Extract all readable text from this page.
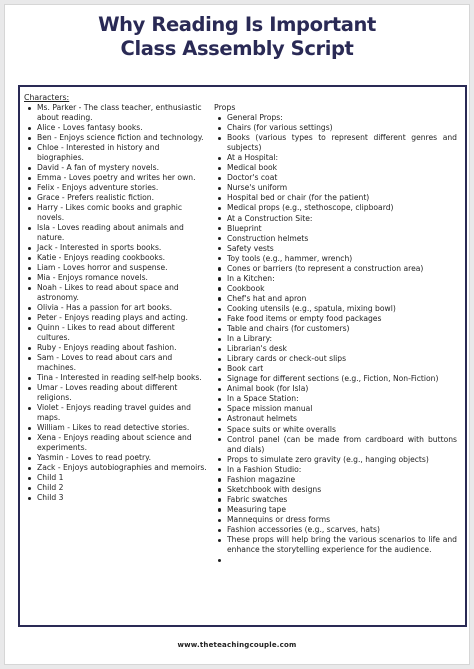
Why Reading Is Important
Class Assembly Script
Characters:
Ms. Parker - The class teacher, enthusiastic about reading.
Alice - Loves fantasy books.
Ben - Enjoys science fiction and technology.
Chloe - Interested in history and biographies.
David - A fan of mystery novels.
Emma - Loves poetry and writes her own.
Felix - Enjoys adventure stories.
Grace - Prefers realistic fiction.
Harry - Likes comic books and graphic novels.
Isla - Loves reading about animals and nature.
Jack - Interested in sports books.
Katie - Enjoys reading cookbooks.
Liam - Loves horror and suspense.
Mia - Enjoys romance novels.
Noah - Likes to read about space and astronomy.
Olivia - Has a passion for art books.
Peter - Enjoys reading plays and acting.
Quinn - Likes to read about different cultures.
Ruby - Enjoys reading about fashion.
Sam - Loves to read about cars and machines.
Tina - Interested in reading self-help books.
Umar - Loves reading about different religions.
Violet - Enjoys reading travel guides and maps.
William - Likes to read detective stories.
Xena - Enjoys reading about science and experiments.
Yasmin - Loves to read poetry.
Zack - Enjoys autobiographies and memoirs.
Child 1
Child 2
Child 3
Props
General Props:
Chairs (for various settings)
Books (various types to represent different genres and subjects)
At a Hospital:
Medical book
Doctor's coat
Nurse's uniform
Hospital bed or chair (for the patient)
Medical props (e.g., stethoscope, clipboard)
At a Construction Site:
Blueprint
Construction helmets
Safety vests
Toy tools (e.g., hammer, wrench)
Cones or barriers (to represent a construction area)
In a Kitchen:
Cookbook
Chef's hat and apron
Cooking utensils (e.g., spatula, mixing bowl)
Fake food items or empty food packages
Table and chairs (for customers)
In a Library:
Librarian's desk
Library cards or check-out slips
Book cart
Signage for different sections (e.g., Fiction, Non-Fiction)
Animal book (for Isla)
In a Space Station:
Space mission manual
Astronaut helmets
Space suits or white overalls
Control panel (can be made from cardboard with buttons and dials)
Props to simulate zero gravity (e.g., hanging objects)
In a Fashion Studio:
Fashion magazine
Sketchbook with designs
Fabric swatches
Measuring tape
Mannequins or dress forms
Fashion accessories (e.g., scarves, hats)
These props will help bring the various scenarios to life and enhance the storytelling experience for the audience.
www.theteachingcouple.com
